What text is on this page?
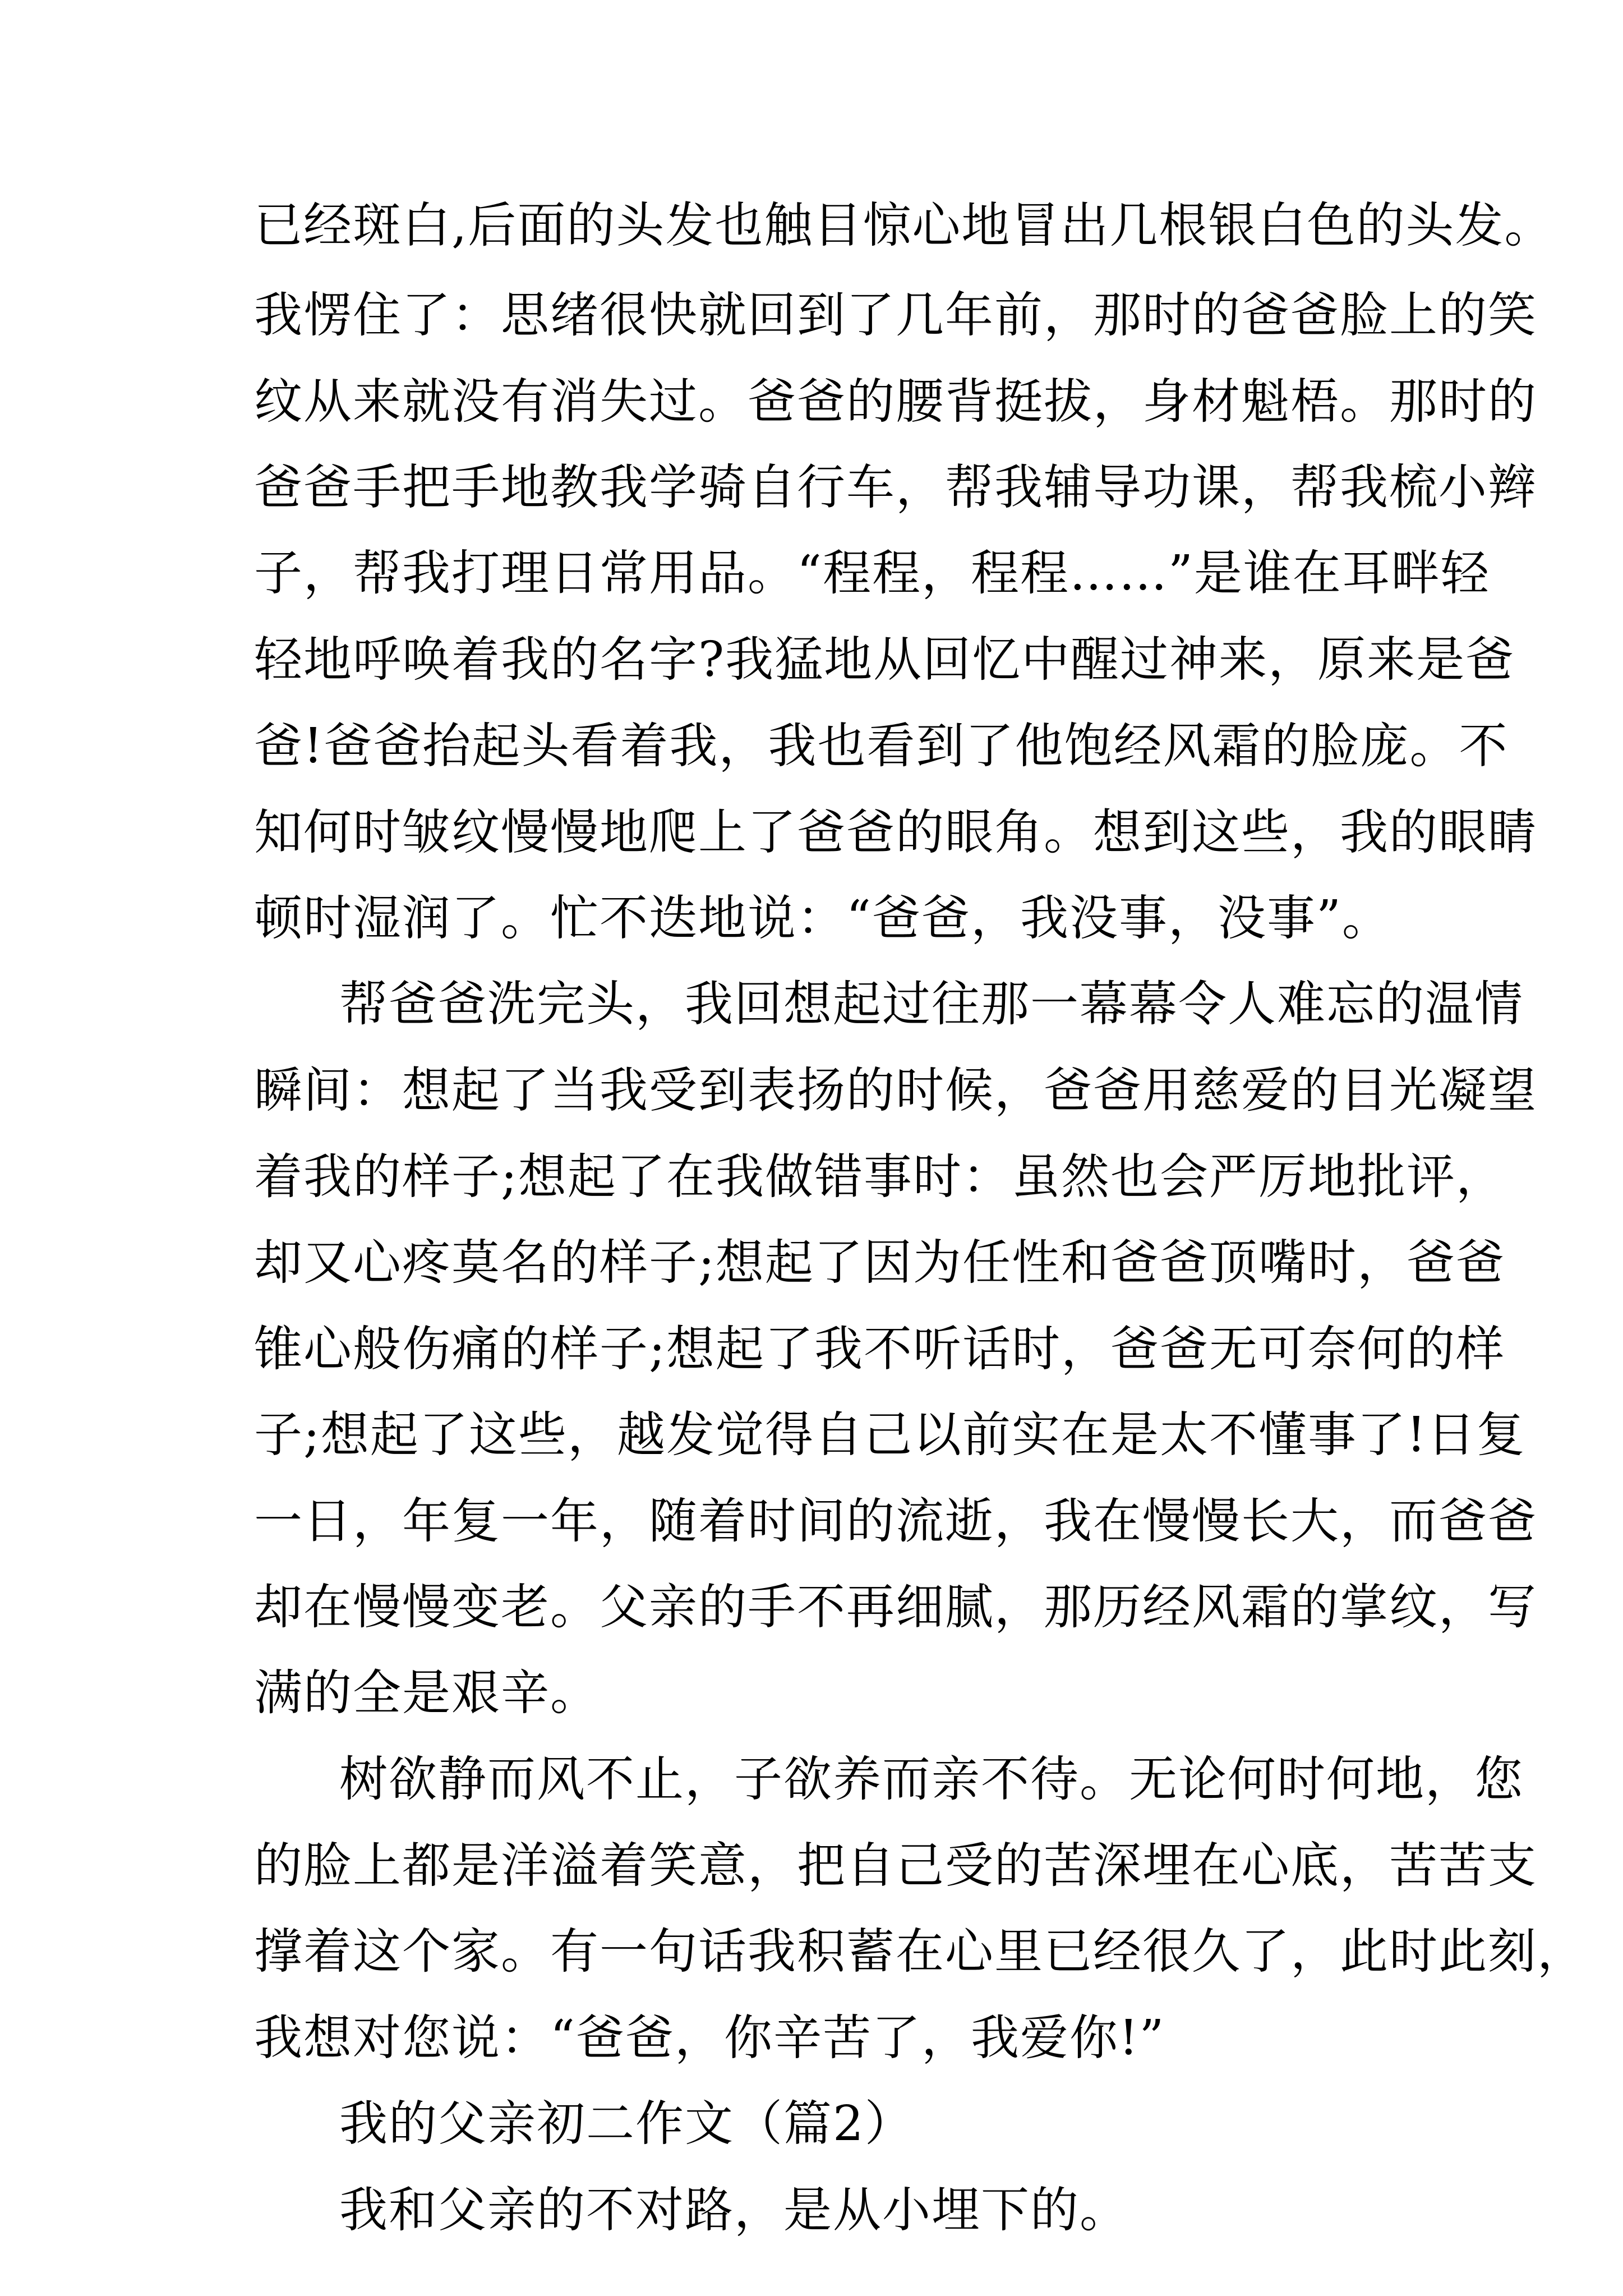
已经斑白,后面的头发也触目惊心地冒出几根银白色的头发。
我愣住了：思绪很快就回到了几年前，那时的爸爸脸上的笑
纹从来就没有消失过。爸爸的腰背挺拔，身材魁梧。那时的
爸爸手把手地教我学骑自行车，帮我辅导功课，帮我梳小辫
子，帮我打理日常用品。“程程，程程……”是谁在耳畔轻
轻地呼唤着我的名字?我猛地从回忆中醒过神来，原来是爸
爸!爸爸抬起头看着我，我也看到了他饱经风霜的脸庞。不
知何时皱纹慢慢地爬上了爸爸的眼角。想到这些，我的眼睛
顿时湿润了。忙不迭地说：“爸爸，我没事，没事”。
帮爸爸洗完头，我回想起过往那一幕幕令人难忘的温情
瞬间：想起了当我受到表扬的时候，爸爸用慈爱的目光凝望
着我的样子;想起了在我做错事时：虽然也会严厉地批评，
却又心疼莫名的样子;想起了因为任性和爸爸顶嘴时，爸爸
锥心般伤痛的样子;想起了我不听话时，爸爸无可奈何的样
子;想起了这些，越发觉得自己以前实在是太不懂事了!日复
一日，年复一年，随着时间的流逝，我在慢慢长大，而爸爸
却在慢慢变老。父亲的手不再细腻，那历经风霜的掌纹，写
满的全是艰辛。
树欲静而风不止，子欲养而亲不待。无论何时何地，您
的脸上都是洋溢着笑意，把自己受的苦深埋在心底，苦苦支
撑着这个家。有一句话我积蓄在心里已经很久了，此时此刻，
我想对您说：“爸爸，你辛苦了，我爱你!”
我的父亲初二作文（篇2）
我和父亲的不对路，是从小埋下的。
